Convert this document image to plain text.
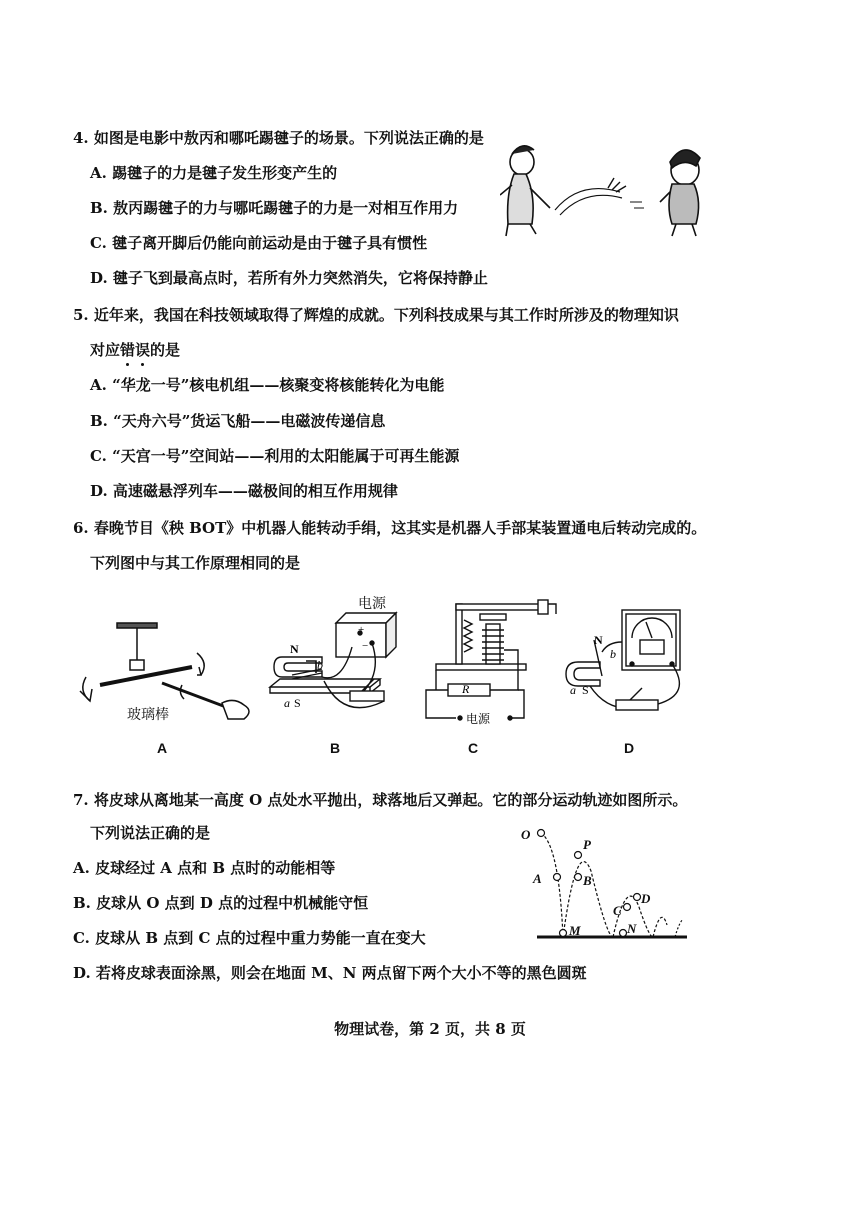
4. 如图是电影中敖丙和哪吒踢毽子的场景。下列说法正确的是
A. 踢毽子的力是毽子发生形变产生的
B. 敖丙踢毽子的力与哪吒踢毽子的力是一对相互作用力
C. 毽子离开脚后仍能向前运动是由于毽子具有惯性
D. 毽子飞到最高点时，若所有外力突然消失，它将保持静止
5. 近年来，我国在科技领域取得了辉煌的成就。下列科技成果与其工作时所涉及的物理知识
对应错误
的是
A. “华龙一号”核电机组——核聚变将核能转化为电能
B. “天舟六号”货运飞船——电磁波传递信息
C. “天宫一号”空间站——利用的太阳能属于可再生能源
D. 高速磁悬浮列车——磁极间的相互作用规律
6. 春晚节目《秧 BOT》中机器人能转动手绢，这其实是机器人手部某装置通电后转动完成的。
下列图中与其工作原理相同的是
玻璃棒
A
N
b
a S
+
−
电源
B
R
电源
C
N
b
a S
D
7. 将皮球从离地某一高度 O 点处水平抛出，球落地后又弹起。它的部分运动轨迹如图所示。
下列说法正确的是
A. 皮球经过 A 点和 B 点时的动能相等
B. 皮球从 O 点到 D 点的过程中机械能守恒
C. 皮球从 B 点到 C 点的过程中重力势能一直在变大
D. 若将皮球表面涂黑，则会在地面 M、N 两点留下两个大小不等的黑色圆斑
O
A
P
B
C
D
M	N
物理试卷，第 2 页，共 8 页
